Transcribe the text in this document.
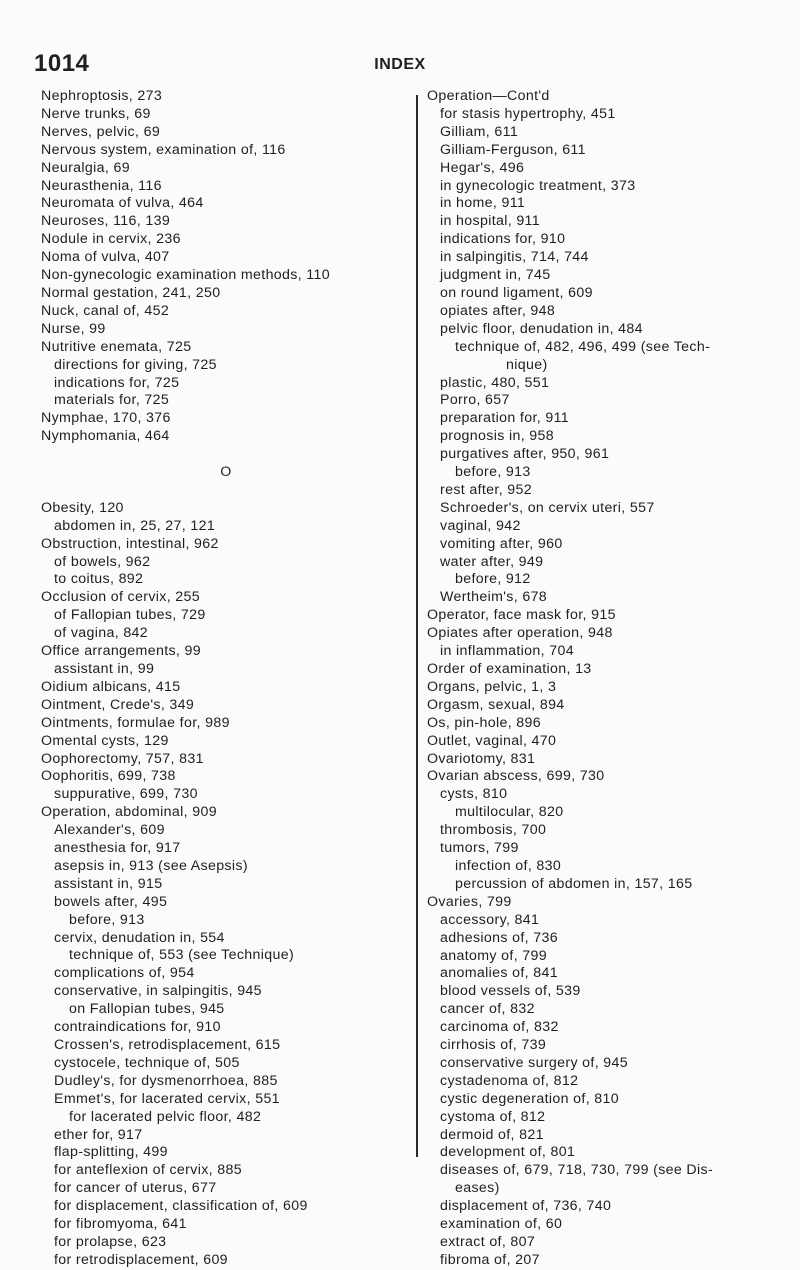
1014	INDEX
Nephroptosis, 273
Nerve trunks, 69
Nerves, pelvic, 69
Nervous system, examination of, 116
Neuralgia, 69
Neurasthenia, 116
Neuromata of vulva, 464
Neuroses, 116, 139
Nodule in cervix, 236
Noma of vulva, 407
Non-gynecologic examination methods, 110
Normal gestation, 241, 250
Nuck, canal of, 452
Nurse, 99
Nutritive enemata, 725
directions for giving, 725
indications for, 725
materials for, 725
Nymphae, 170, 376
Nymphomania, 464
O
Obesity, 120
abdomen in, 25, 27, 121
Obstruction, intestinal, 962
of bowels, 962
to coitus, 892
Occlusion of cervix, 255
of Fallopian tubes, 729
of vagina, 842
Office arrangements, 99
assistant in, 99
Oidium albicans, 415
Ointment, Crede's, 349
Ointments, formulae for, 989
Omental cysts, 129
Oophorectomy, 757, 831
Oophoritis, 699, 738
suppurative, 699, 730
Operation, abdominal, 909
Alexander's, 609
anesthesia for, 917
asepsis in, 913 (see Asepsis)
assistant in, 915
bowels after, 495
before, 913
cervix, denudation in, 554
technique of, 553 (see Technique)
complications of, 954
conservative, in salpingitis, 945
on Fallopian tubes, 945
contraindications for, 910
Crossen's, retrodisplacement, 615
cystocele, technique of, 505
Dudley's, for dysmenorrhoea, 885
Emmet's, for lacerated cervix, 551
for lacerated pelvic floor, 482
ether for, 917
flap-splitting, 499
for anteflexion of cervix, 885
for cancer of uterus, 677
for displacement, classification of, 609
for fibromyoma, 641
for prolapse, 623
for retrodisplacement, 609
Operation—Cont'd
for stasis hypertrophy, 451
Gilliam, 611
Gilliam-Ferguson, 611
Hegar's, 496
in gynecologic treatment, 373
in home, 911
in hospital, 911
indications for, 910
in salpingitis, 714, 744
judgment in, 745
on round ligament, 609
opiates after, 948
pelvic floor, denudation in, 484
technique of, 482, 496, 499 (see Tech-
nique)
plastic, 480, 551
Porro, 657
preparation for, 911
prognosis in, 958
purgatives after, 950, 961
before, 913
rest after, 952
Schroeder's, on cervix uteri, 557
vaginal, 942
vomiting after, 960
water after, 949
before, 912
Wertheim's, 678
Operator, face mask for, 915
Opiates after operation, 948
in inflammation, 704
Order of examination, 13
Organs, pelvic, 1, 3
Orgasm, sexual, 894
Os, pin-hole, 896
Outlet, vaginal, 470
Ovariotomy, 831
Ovarian abscess, 699, 730
cysts, 810
multilocular, 820
thrombosis, 700
tumors, 799
infection of, 830
percussion of abdomen in, 157, 165
Ovaries, 799
accessory, 841
adhesions of, 736
anatomy of, 799
anomalies of, 841
blood vessels of, 539
cancer of, 832
carcinoma of, 832
cirrhosis of, 739
conservative surgery of, 945
cystadenoma of, 812
cystic degeneration of, 810
cystoma of, 812
dermoid of, 821
development of, 801
diseases of, 679, 718, 730, 799 (see Dis-
eases)
displacement of, 736, 740
examination of, 60
extract of, 807
fibroma of, 207
